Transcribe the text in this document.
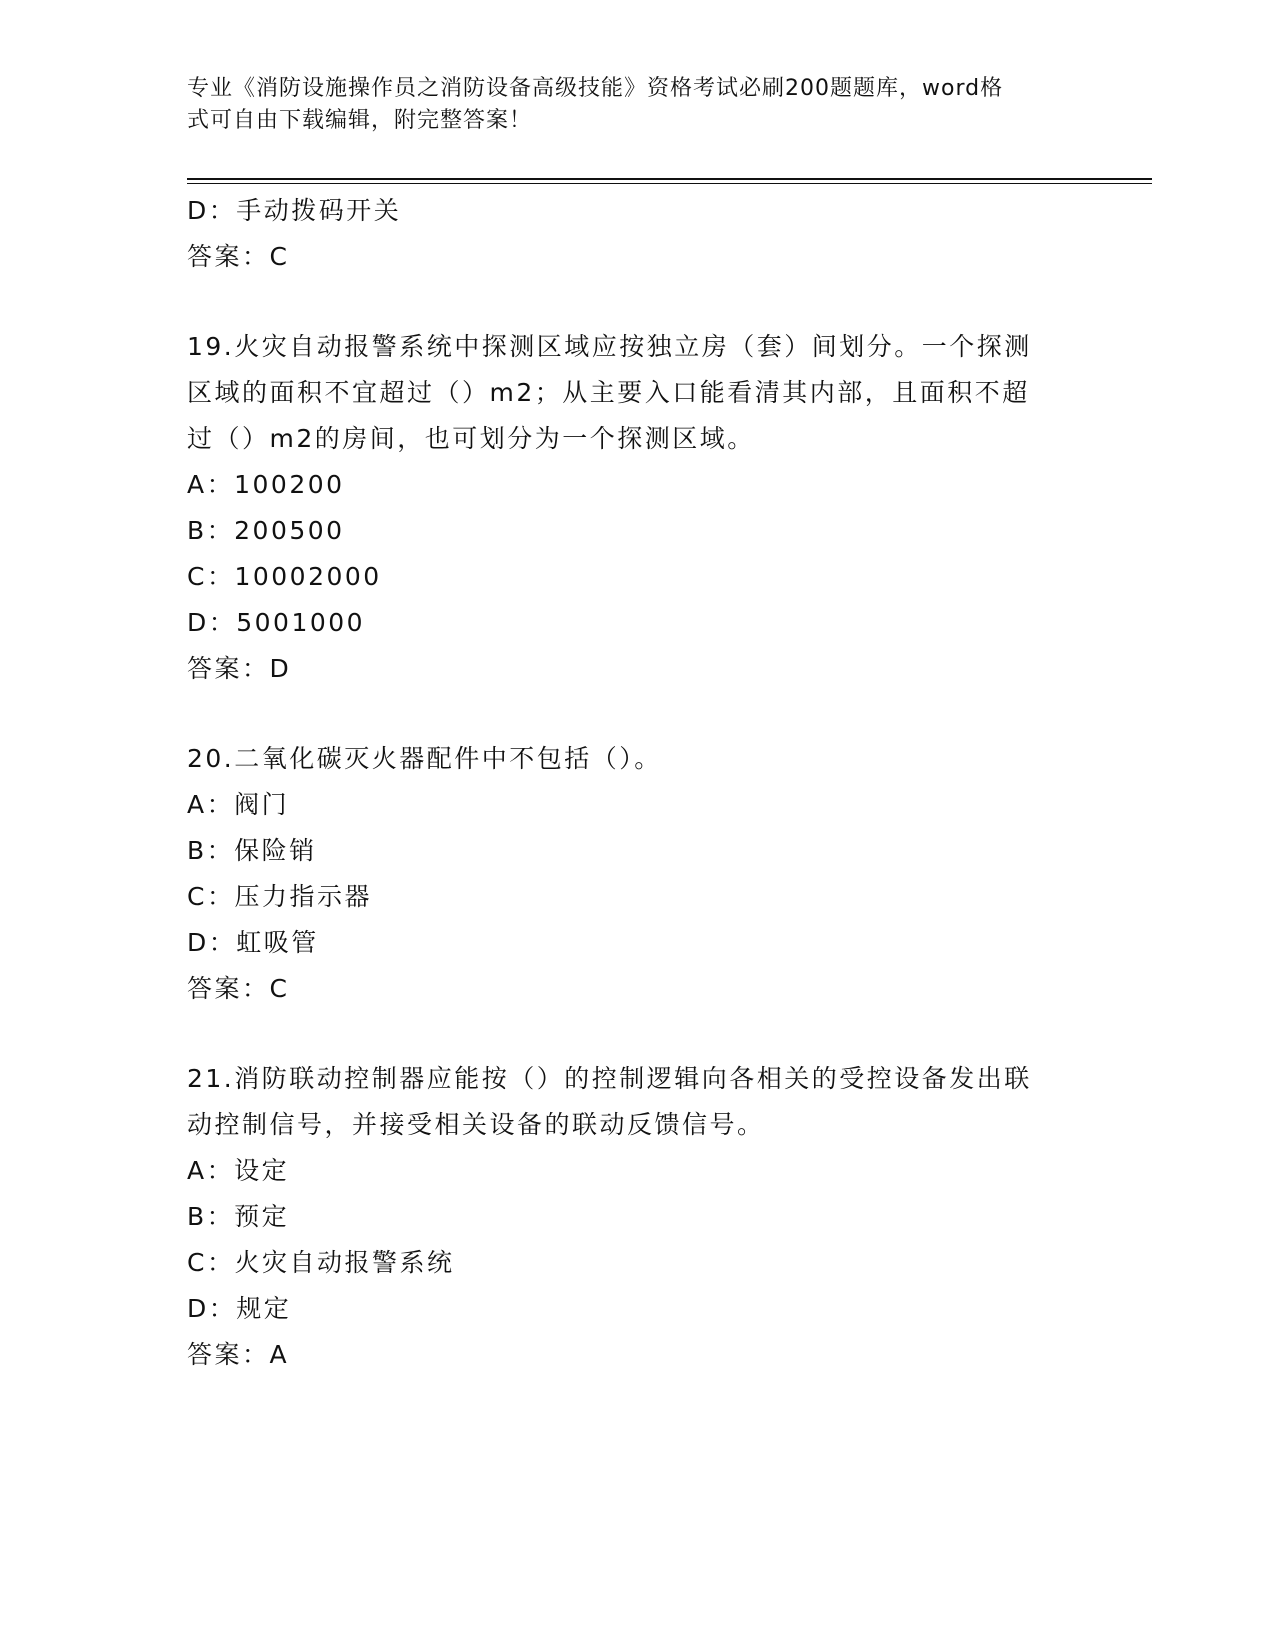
专业《消防设施操作员之消防设备高级技能》资格考试必刷200题题库，word格
式可自由下载编辑，附完整答案！

D：手动拨码开关

答案：C

19.火灾自动报警系统中探测区域应按独立房（套）间划分。一个探测

区域的面积不宜超过（）m2；从主要入口能看清其内部，且面积不超

过（）m2的房间，也可划分为一个探测区域。

A：100200

B：200500

C：10002000

D：5001000

答案：D

20.二氧化碳灭火器配件中不包括（）。

A：阀门

B：保险销

C：压力指示器

D：虹吸管

答案：C

21.消防联动控制器应能按（）的控制逻辑向各相关的受控设备发出联

动控制信号，并接受相关设备的联动反馈信号。

A：设定

B：预定

C：火灾自动报警系统

D：规定

答案：A
